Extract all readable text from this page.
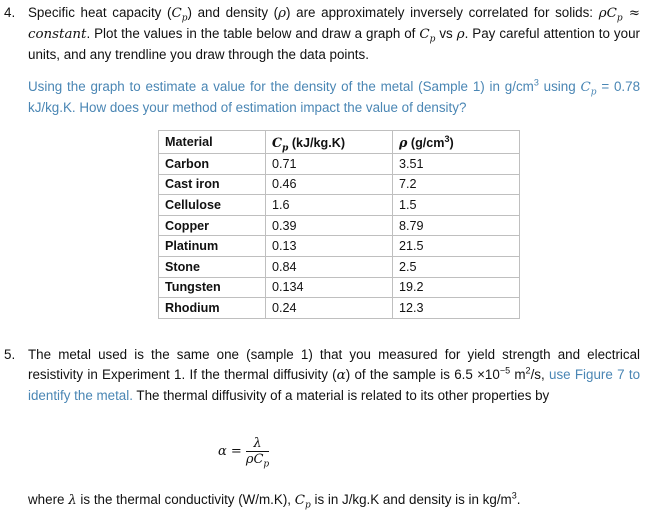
4. Specific heat capacity $(C_p)$ and density (ρ) are approximately inversely correlated for solids: $\rho C_p$ ≈ constant. Plot the values in the table below and draw a graph of $C_p$ vs ρ. Pay careful attention to your units, and any trendline you draw through the data points.
Using the graph to estimate a value for the density of the metal (Sample 1) in $g/cm^3$ using $C_p = 0.78$ kJ/kg.K. How does your method of estimation impact the value of density?
Material	$C_p$ (kJ/kg.K)	ρ $(g/cm^3)$
Carbon	0.71	3.51
Cast iron	0.46	7.2
Cellulose	1.6	1.5
Copper	0.39	8.79
Platinum	0.13	21.5
Stone	0.84	2.5
Tungsten	0.134	19.2
Rhodium	0.24	12.3
5. The metal used is the same one (sample 1) that you measured for yield strength and electrical resistivity in Experiment 1. If the thermal diffusivity (α) of the sample is $6.5 \times 10^{-5}$ $m^2/s$, use Figure 7 to identify the metal. The thermal diffusivity of a material is related to its other properties by
$\alpha = \frac{\lambda}{\rho C_p}$
where λ is the thermal conductivity (W/m.K), $C_p$ is in J/kg.K and density is in $kg/m^3$.
